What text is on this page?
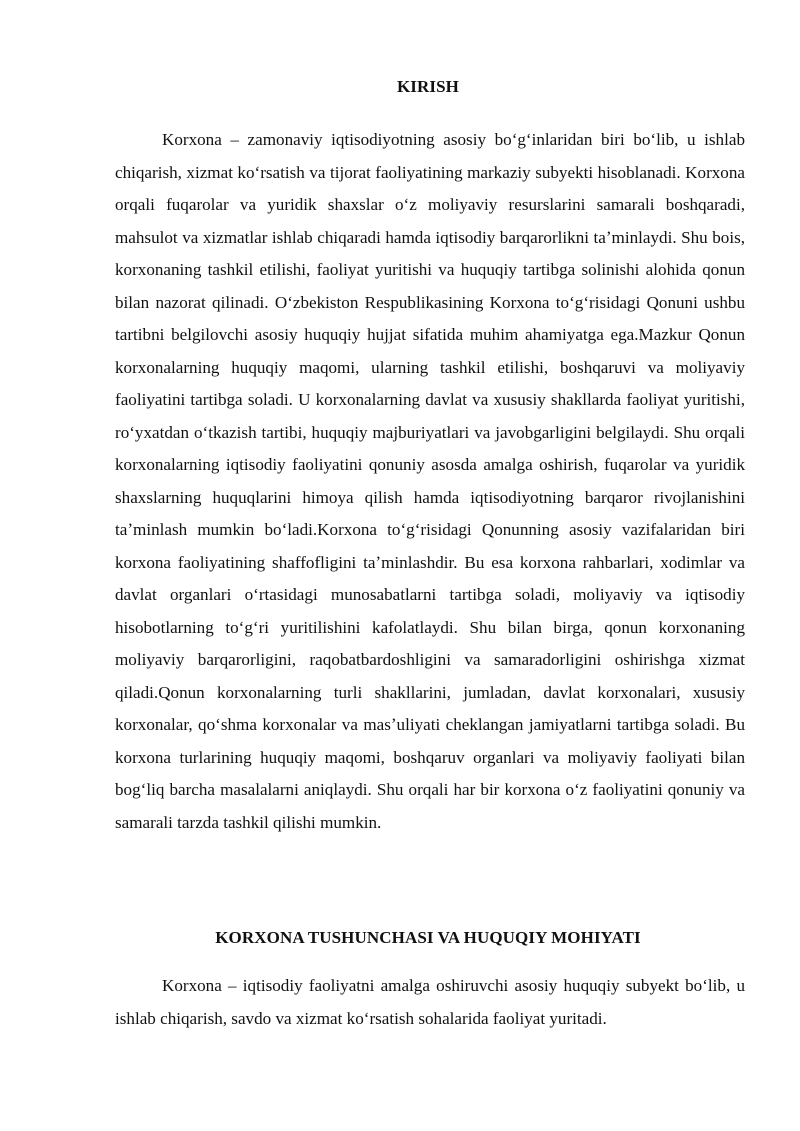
KIRISH

Korxona – zamonaviy iqtisodiyotning asosiy boʻgʻinlaridan biri boʻlib, u ishlab chiqarish, xizmat koʻrsatish va tijorat faoliyatining markaziy subyekti hisoblanadi. Korxona orqali fuqarolar va yuridik shaxslar oʻz moliyaviy resurslarini samarali boshqaradi, mahsulot va xizmatlar ishlab chiqaradi hamda iqtisodiy barqarorlikni taʼminlaydi. Shu bois, korxonaning tashkil etilishi, faoliyat yuritishi va huquqiy tartibga solinishi alohida qonun bilan nazorat qilinadi. Oʻzbekiston Respublikasining Korxona toʻgʻrisidagi Qonuni ushbu tartibni belgilovchi asosiy huquqiy hujjat sifatida muhim ahamiyatga ega.Mazkur Qonun korxonalarning huquqiy maqomi, ularning tashkil etilishi, boshqaruvi va moliyaviy faoliyatini tartibga soladi. U korxonalarning davlat va xususiy shakllarda faoliyat yuritishi, roʻyxatdan oʻtkazish tartibi, huquqiy majburiyatlari va javobgarligini belgilaydi. Shu orqali korxonalarning iqtisodiy faoliyatini qonuniy asosda amalga oshirish, fuqarolar va yuridik shaxslarning huquqlarini himoya qilish hamda iqtisodiyotning barqaror rivojlanishini taʼminlash mumkin boʻladi.Korxona toʻgʻrisidagi Qonunning asosiy vazifalaridan biri korxona faoliyatining shaffofligini taʼminlashdir. Bu esa korxona rahbarlari, xodimlar va davlat organlari oʻrtasidagi munosabatlarni tartibga soladi, moliyaviy va iqtisodiy hisobotlarning toʻgʻri yuritilishini kafolatlaydi. Shu bilan birga, qonun korxonaning moliyaviy barqarorligini, raqobatbardoshligini va samaradorligini oshirishga xizmat qiladi.Qonun korxonalarning turli shakllarini, jumladan, davlat korxonalari, xususiy korxonalar, qoʻshma korxonalar va masʼuliyati cheklangan jamiyatlarni tartibga soladi. Bu korxona turlarining huquqiy maqomi, boshqaruv organlari va moliyaviy faoliyati bilan bogʻliq barcha masalalarni aniqlaydi. Shu orqali har bir korxona oʻz faoliyatini qonuniy va samarali tarzda tashkil qilishi mumkin.

KORXONA TUSHUNCHASI VA HUQUQIY MOHIYATI

Korxona – iqtisodiy faoliyatni amalga oshiruvchi asosiy huquqiy subyekt boʻlib, u ishlab chiqarish, savdo va xizmat koʻrsatish sohalarida faoliyat yuritadi.
